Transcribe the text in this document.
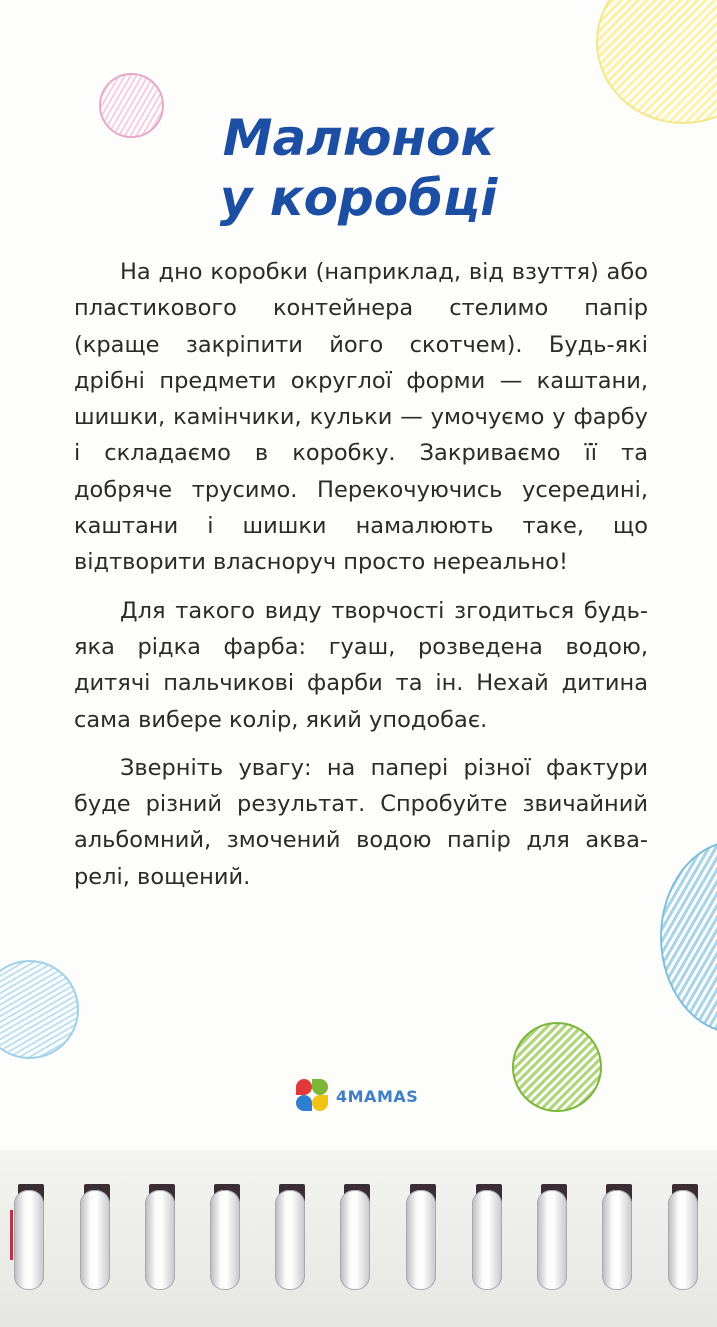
Малюнок
у коробці

На дно коробки (наприклад, від взуття) або пластикового контейнера стелимо папір (краще закріпити його скотчем). Будь-які дрібні предмети округлої форми — каштани, шишки, камінчики, кульки — умочуємо у фарбу і складаємо в коробку. Закриваємо її та добряче трусимо. Перекочуючись усередині, каштани і шишки намалюють таке, що відтворити власноруч просто нереально!

Для такого виду творчості згодиться будь-яка рідка фарба: гуаш, розведена водою, дитячі пальчикові фарби та ін. Нехай дитина сама вибере колір, який уподобає.

Зверніть увагу: на папері різної фактури буде різний результат. Спробуйте звичайний альбомний, змочений водою папір для акварелі, вощений.

4MAMAS
